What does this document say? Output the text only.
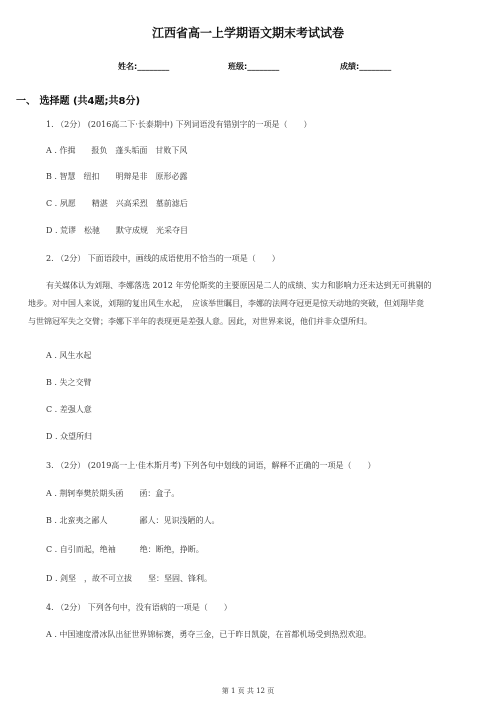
江西省高一上学期语文期末考试试卷
姓名:________	班级:________	成绩:________
一、 选择题 (共4题;共8分)
1. （2分） (2016高二下·长泰期中) 下列词语没有错别字的一项是（　　）
A . 作揖　　报负　蓬头垢面　甘败下风
B . 智慧　纽扣　　明辩是非　原形必露
C . 夙愿　　精湛　兴高采烈　墓前滤后
D . 荒谬　松驰　　默守成规　光采夺目
2. （2分） 下面语段中，画线的成语使用不恰当的一项是（　　）
有关媒体认为刘翔、李娜落选 2012 年劳伦斯奖的主要原因是二人的成绩、实力和影响力还未达到无可挑剔的
地步。对中国人来说，刘翔的复出风生水起，　应该举世瞩目，李娜的法网夺冠更是惊天动地的突破，但刘翔毕竟
与世锦冠军失之交臂；李娜下半年的表现更是差强人意。因此，对世界来说，他们并非众望所归。
A . 风生水起
B . 失之交臂
C . 差强人意
D . 众望所归
3. （2分） (2019高一上·佳木斯月考) 下列各句中划线的词语，解释不正确的一项是（　　）
A . 荆轲奉樊於期头函　　函：盒子。
B . 北蛮夷之鄙人　　　　鄙人：见识浅陋的人。
C . 自引而起，绝袖　　　绝：断绝，挣断。
D . 剑坚　，故不可立拔　　坚：坚固、锋利。
4. （2分） 下列各句中，没有语病的一项是（　　）
A . 中国速度滑冰队出征世界锦标赛，勇夺三金，已于昨日凯旋，在首都机场受到热烈欢迎。
第 1 页 共 12 页
